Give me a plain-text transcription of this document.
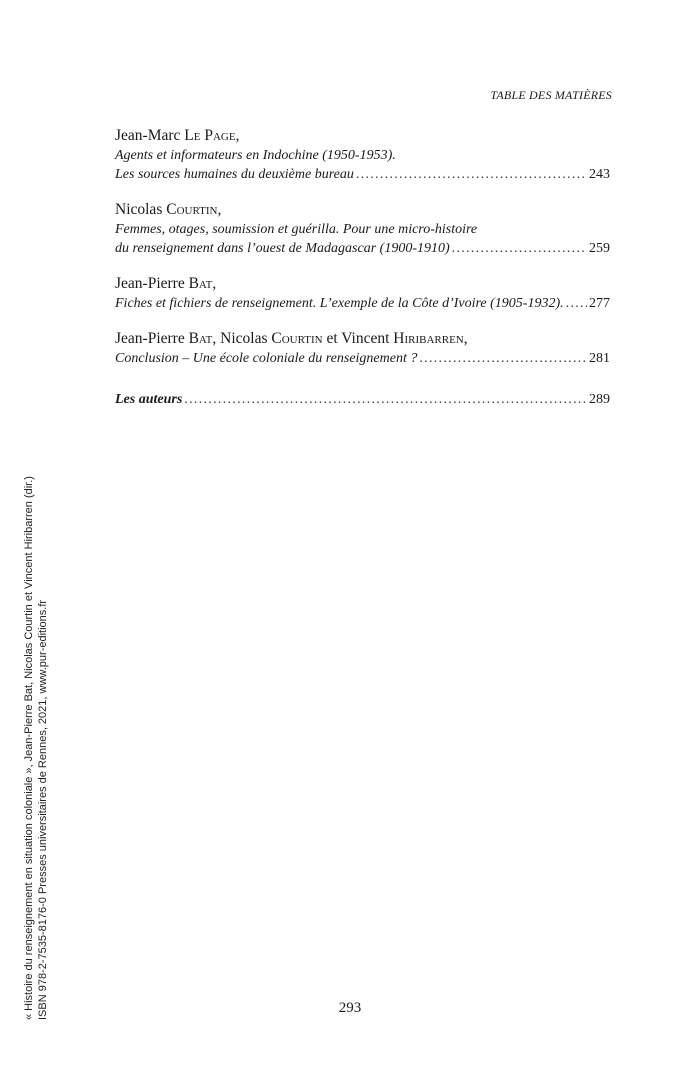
TABLE DES MATIÈRES
Jean-Marc Le Page,
Agents et informateurs en Indochine (1950-1953).
Les sources humaines du deuxième bureau .....	243
Nicolas Courtin,
Femmes, otages, soumission et guérilla. Pour une micro-histoire
du renseignement dans l’ouest de Madagascar (1900-1910) .....	259
Jean-Pierre Bat,
Fiches et fichiers de renseignement. L’exemple de la Côte d’Ivoire (1905-1932). ..... 277
Jean-Pierre Bat, Nicolas Courtin et Vincent Hiribarren,
Conclusion – Une école coloniale du renseignement ? .....	281
Les auteurs .....	289
293
« Histoire du renseignement en situation coloniale », Jean-Pierre Bat, Nicolas Courtin et Vincent Hiribarren (dir.) ISBN 978-2-7535-8176-0 Presses universitaires de Rennes, 2021, www.pur-editions.fr
